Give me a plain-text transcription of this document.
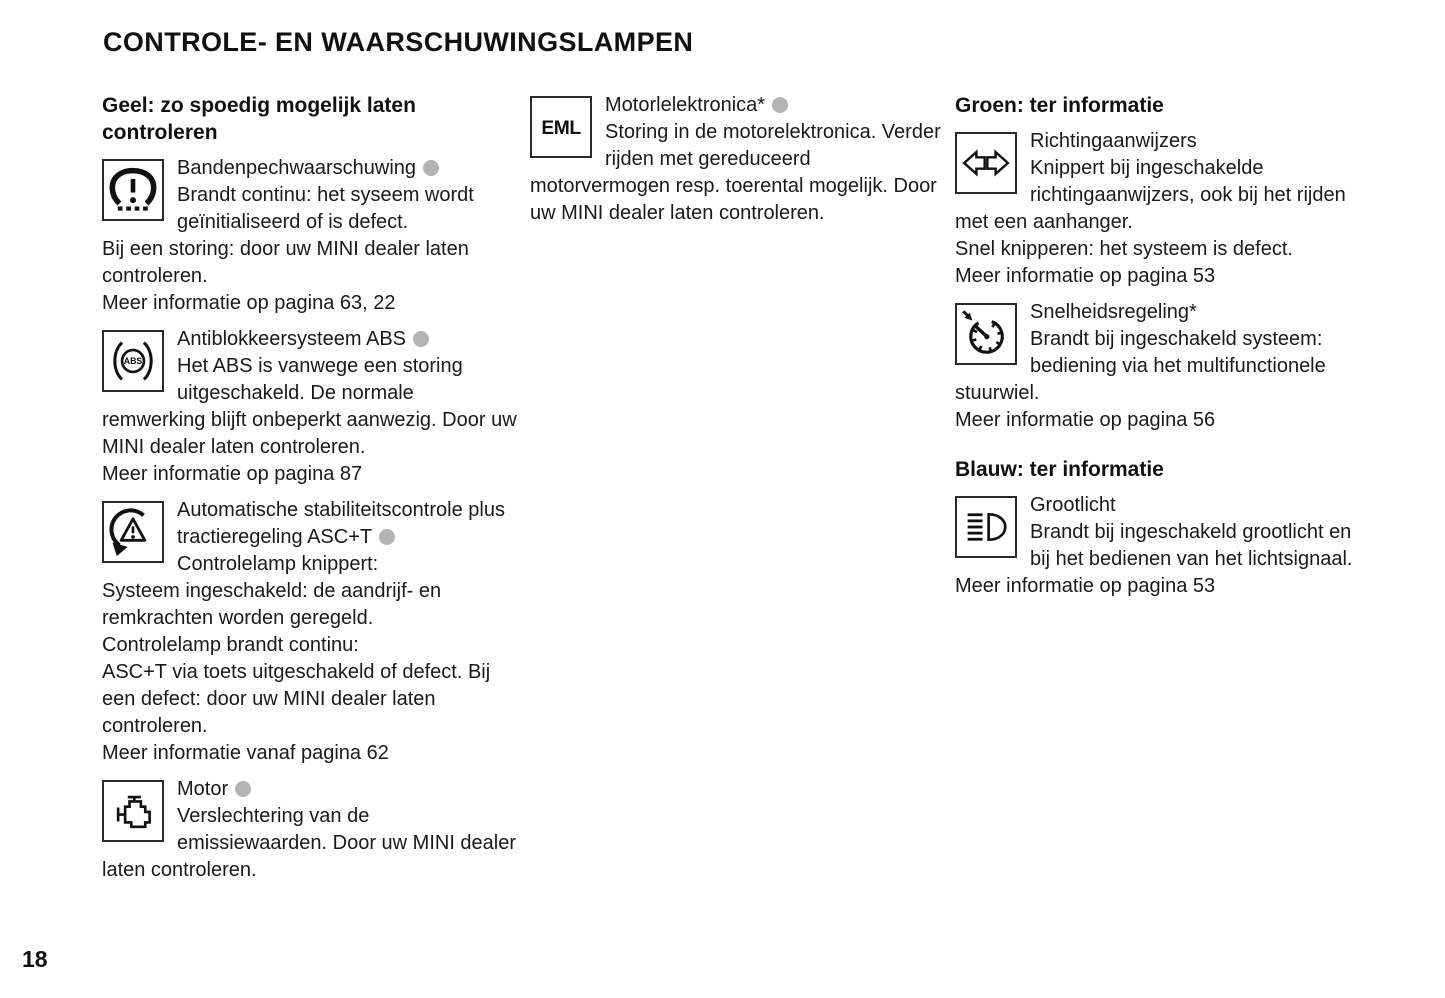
CONTROLE- EN WAARSCHUWINGSLAMPEN
Geel: zo spoedig mogelijk laten controleren

Bandenpechwaarschuwing

Brandt continu: het syseem wordt geïnitialiseerd of is defect.

Bij een storing: door uw MINI dealer laten controleren.

Meer informatie op pagina 63, 22

ABS

Antiblokkeersysteem ABS

Het ABS is vanwege een storing uitgeschakeld. De normale remwerking blijft onbeperkt aanwezig. Door uw MINI dealer laten controleren.

Meer informatie op pagina 87

Automatische stabiliteitscontrole plus tractieregeling ASC+T

Controlelamp knippert:

Systeem ingeschakeld: de aandrijf- en remkrachten worden geregeld.

Controlelamp brandt continu:

ASC+T via toets uitgeschakeld of defect. Bij een defect: door uw MINI dealer laten controleren.

Meer informatie vanaf pagina 62

Motor

Verslechtering van de emissiewaarden. Door uw MINI dealer laten controleren.

EML

Motorlelektronica*

Storing in de motorelektronica. Verder rijden met gereduceerd motorvermogen resp. toerental mogelijk. Door uw MINI dealer laten controleren.

Groen: ter informatie

Richtingaanwijzers

Knippert bij ingeschakelde richtingaanwijzers, ook bij het rijden met een aanhanger.

Snel knipperen: het systeem is defect.

Meer informatie op pagina 53

Snelheidsregeling*

Brandt bij ingeschakeld systeem: bediening via het multifunctionele stuurwiel.

Meer informatie op pagina 56

Blauw: ter informatie

Grootlicht

Brandt bij ingeschakeld grootlicht en bij het bedienen van het lichtsignaal. Meer informatie op pagina 53

18
